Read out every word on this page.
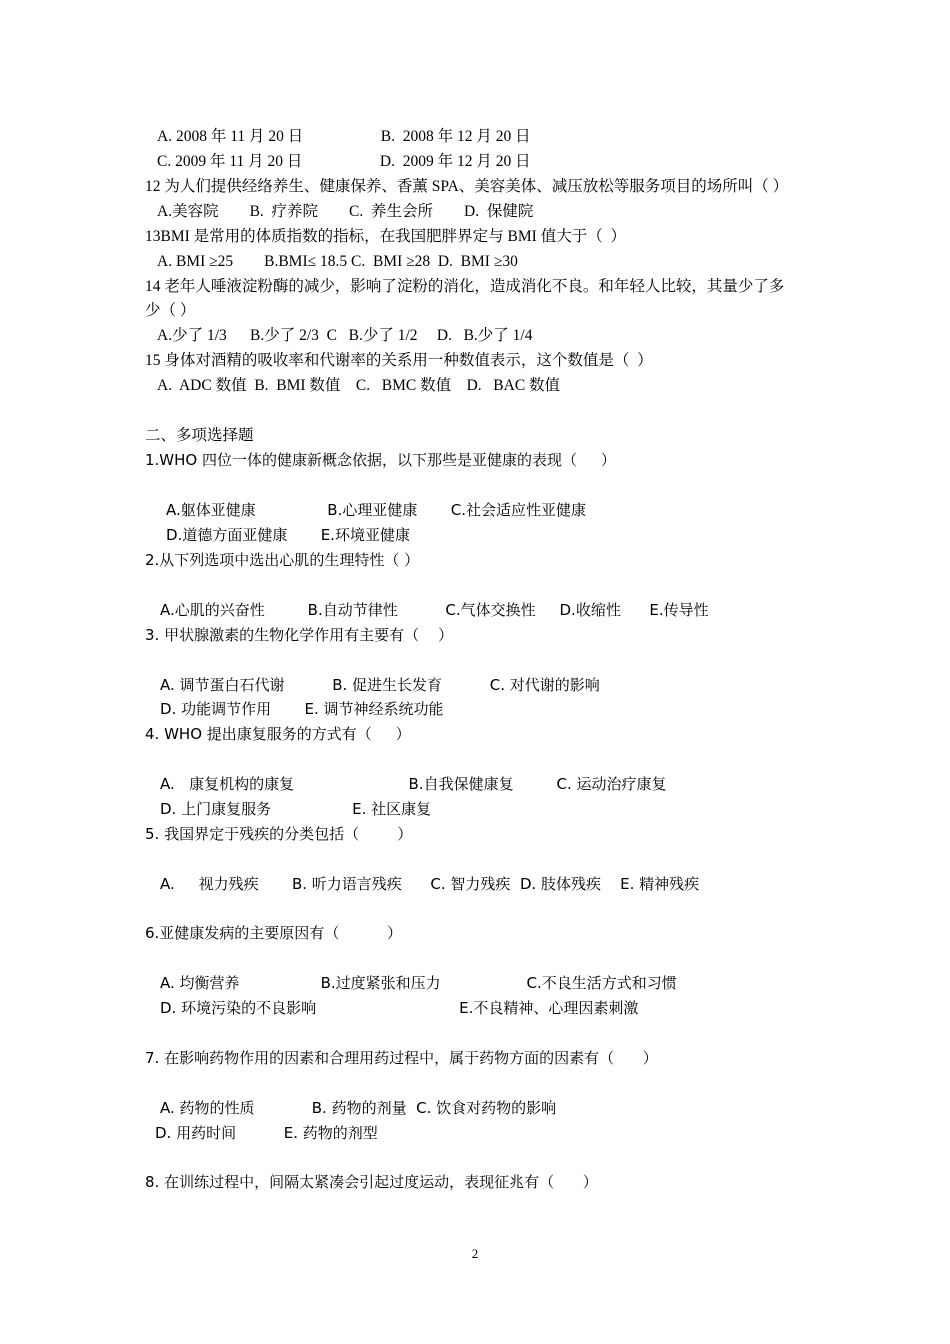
A. 2008 年 11 月 20 日                    B.  2008 年 12 月 20 日
C. 2009 年 11 月 20 日                    D.  2009 年 12 月 20 日
12 为人们提供经络养生、健康保养、香薰 SPA、美容美体、减压放松等服务项目的场所叫（ ）
A.美容院        B.  疗养院        C.  养生会所        D.  保健院
13BMI 是常用的体质指数的指标，在我国肥胖界定与 BMI 值大于（  ）
A. BMI ≥25        B.BMI≤ 18.5 C.  BMI ≥28  D.  BMI ≥30
14 老年人唾液淀粉酶的减少，影响了淀粉的消化，造成消化不良。和年轻人比较，其量少了多
少（ ）
A.少了 1/3      B.少了 2/3  C   B.少了 1/2     D.   B.少了 1/4
15 身体对酒精的吸收率和代谢率的关系用一种数值表示，这个数值是（  ）
A.  ADC 数值  B.  BMI 数值    C.   BMC 数值    D.   BAC 数值
二、多项选择题
1.WHO 四位一体的健康新概念依据，以下那些是亚健康的表现（     ）
A.躯体亚健康               B.心理亚健康       C.社会适应性亚健康
D.道德方面亚健康       E.环境亚健康
2.从下列选项中选出心肌的生理特性（ ）
A.心肌的兴奋性         B.自动节律性          C.气体交换性     D.收缩性      E.传导性
3. 甲状腺激素的生物化学作用有主要有（    ）
A. 调节蛋白石代谢          B. 促进生长发育          C. 对代谢的影响
D. 功能调节作用       E. 调节神经系统功能
4. WHO 提出康复服务的方式有（     ）
A.   康复机构的康复                        B.自我保健康复         C. 运动治疗康复
D. 上门康复服务                 E. 社区康复
5. 我国界定于残疾的分类包括（        ）
A.     视力残疾       B. 听力语言残疾      C. 智力残疾  D. 肢体残疾    E. 精神残疾
6.亚健康发病的主要原因有（          ）
A. 均衡营养                 B.过度紧张和压力                  C.不良生活方式和习惯
D. 环境污染的不良影响                              E.不良精神、心理因素刺激
7. 在影响药物作用的因素和合理用药过程中，属于药物方面的因素有（      ）
A. 药物的性质            B. 药物的剂量  C. 饮食对药物的影响
D. 用药时间          E. 药物的剂型
8. 在训练过程中，间隔太紧凑会引起过度运动，表现征兆有（      ）
2
